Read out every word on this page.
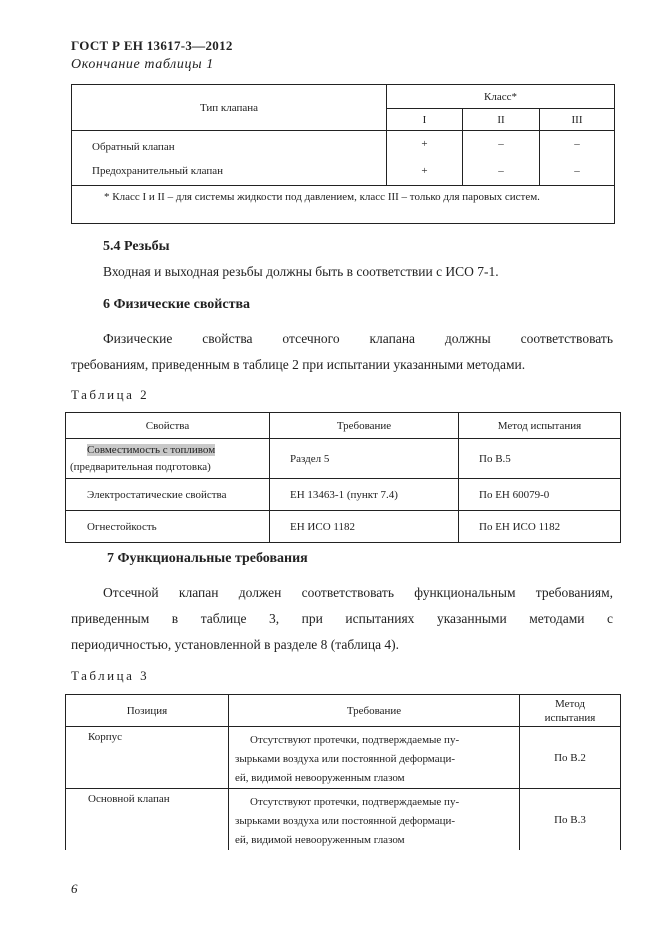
ГОСТ Р ЕН 13617-3—2012
Окончание таблицы 1
Тип клапана	Класс*		
	I	II	III
Обратный клапан	+	–	–
Предохранительный клапан	+	–	–
* Класс I и II – для системы жидкости под давлением, класс III – только для паровых систем.			
5.4 Резьбы
Входная и выходная резьбы должны быть в соответствии с ИСО 7-1.
6 Физические свойства
Физические свойства отсечного клапана должны соответствовать
требованиям, приведенным в таблице 2 при испытании указанными методами.
Таблица 2
Свойства	Требование	Метод испытания

Совместимость с топливом
(предварительная подготовка)	Раздел 5	По В.5
Электростатические свойства	ЕН 13463-1 (пункт 7.4)	По ЕН 60079-0
Огнестойкость	ЕН ИСО 1182	По ЕН ИСО 1182
7 Функциональные требования
Отсечной клапан должен соответствовать функциональным требованиям,
приведенным в таблице 3, при испытаниях указанными методами с
периодичностью, установленной в разделе 8 (таблица 4).
Таблица 3
Позиция	Требование	Метод испытания
Корпус	Отсутствуют протечки, подтверждаемые пу-
зырьками воздуха или постоянной деформаци-
ей, видимой невооруженным глазом	По В.2
Основной клапан	Отсутствуют протечки, подтверждаемые пу-
зырьками воздуха или постоянной деформаци-
ей, видимой невооруженным глазом	По В.3
6
